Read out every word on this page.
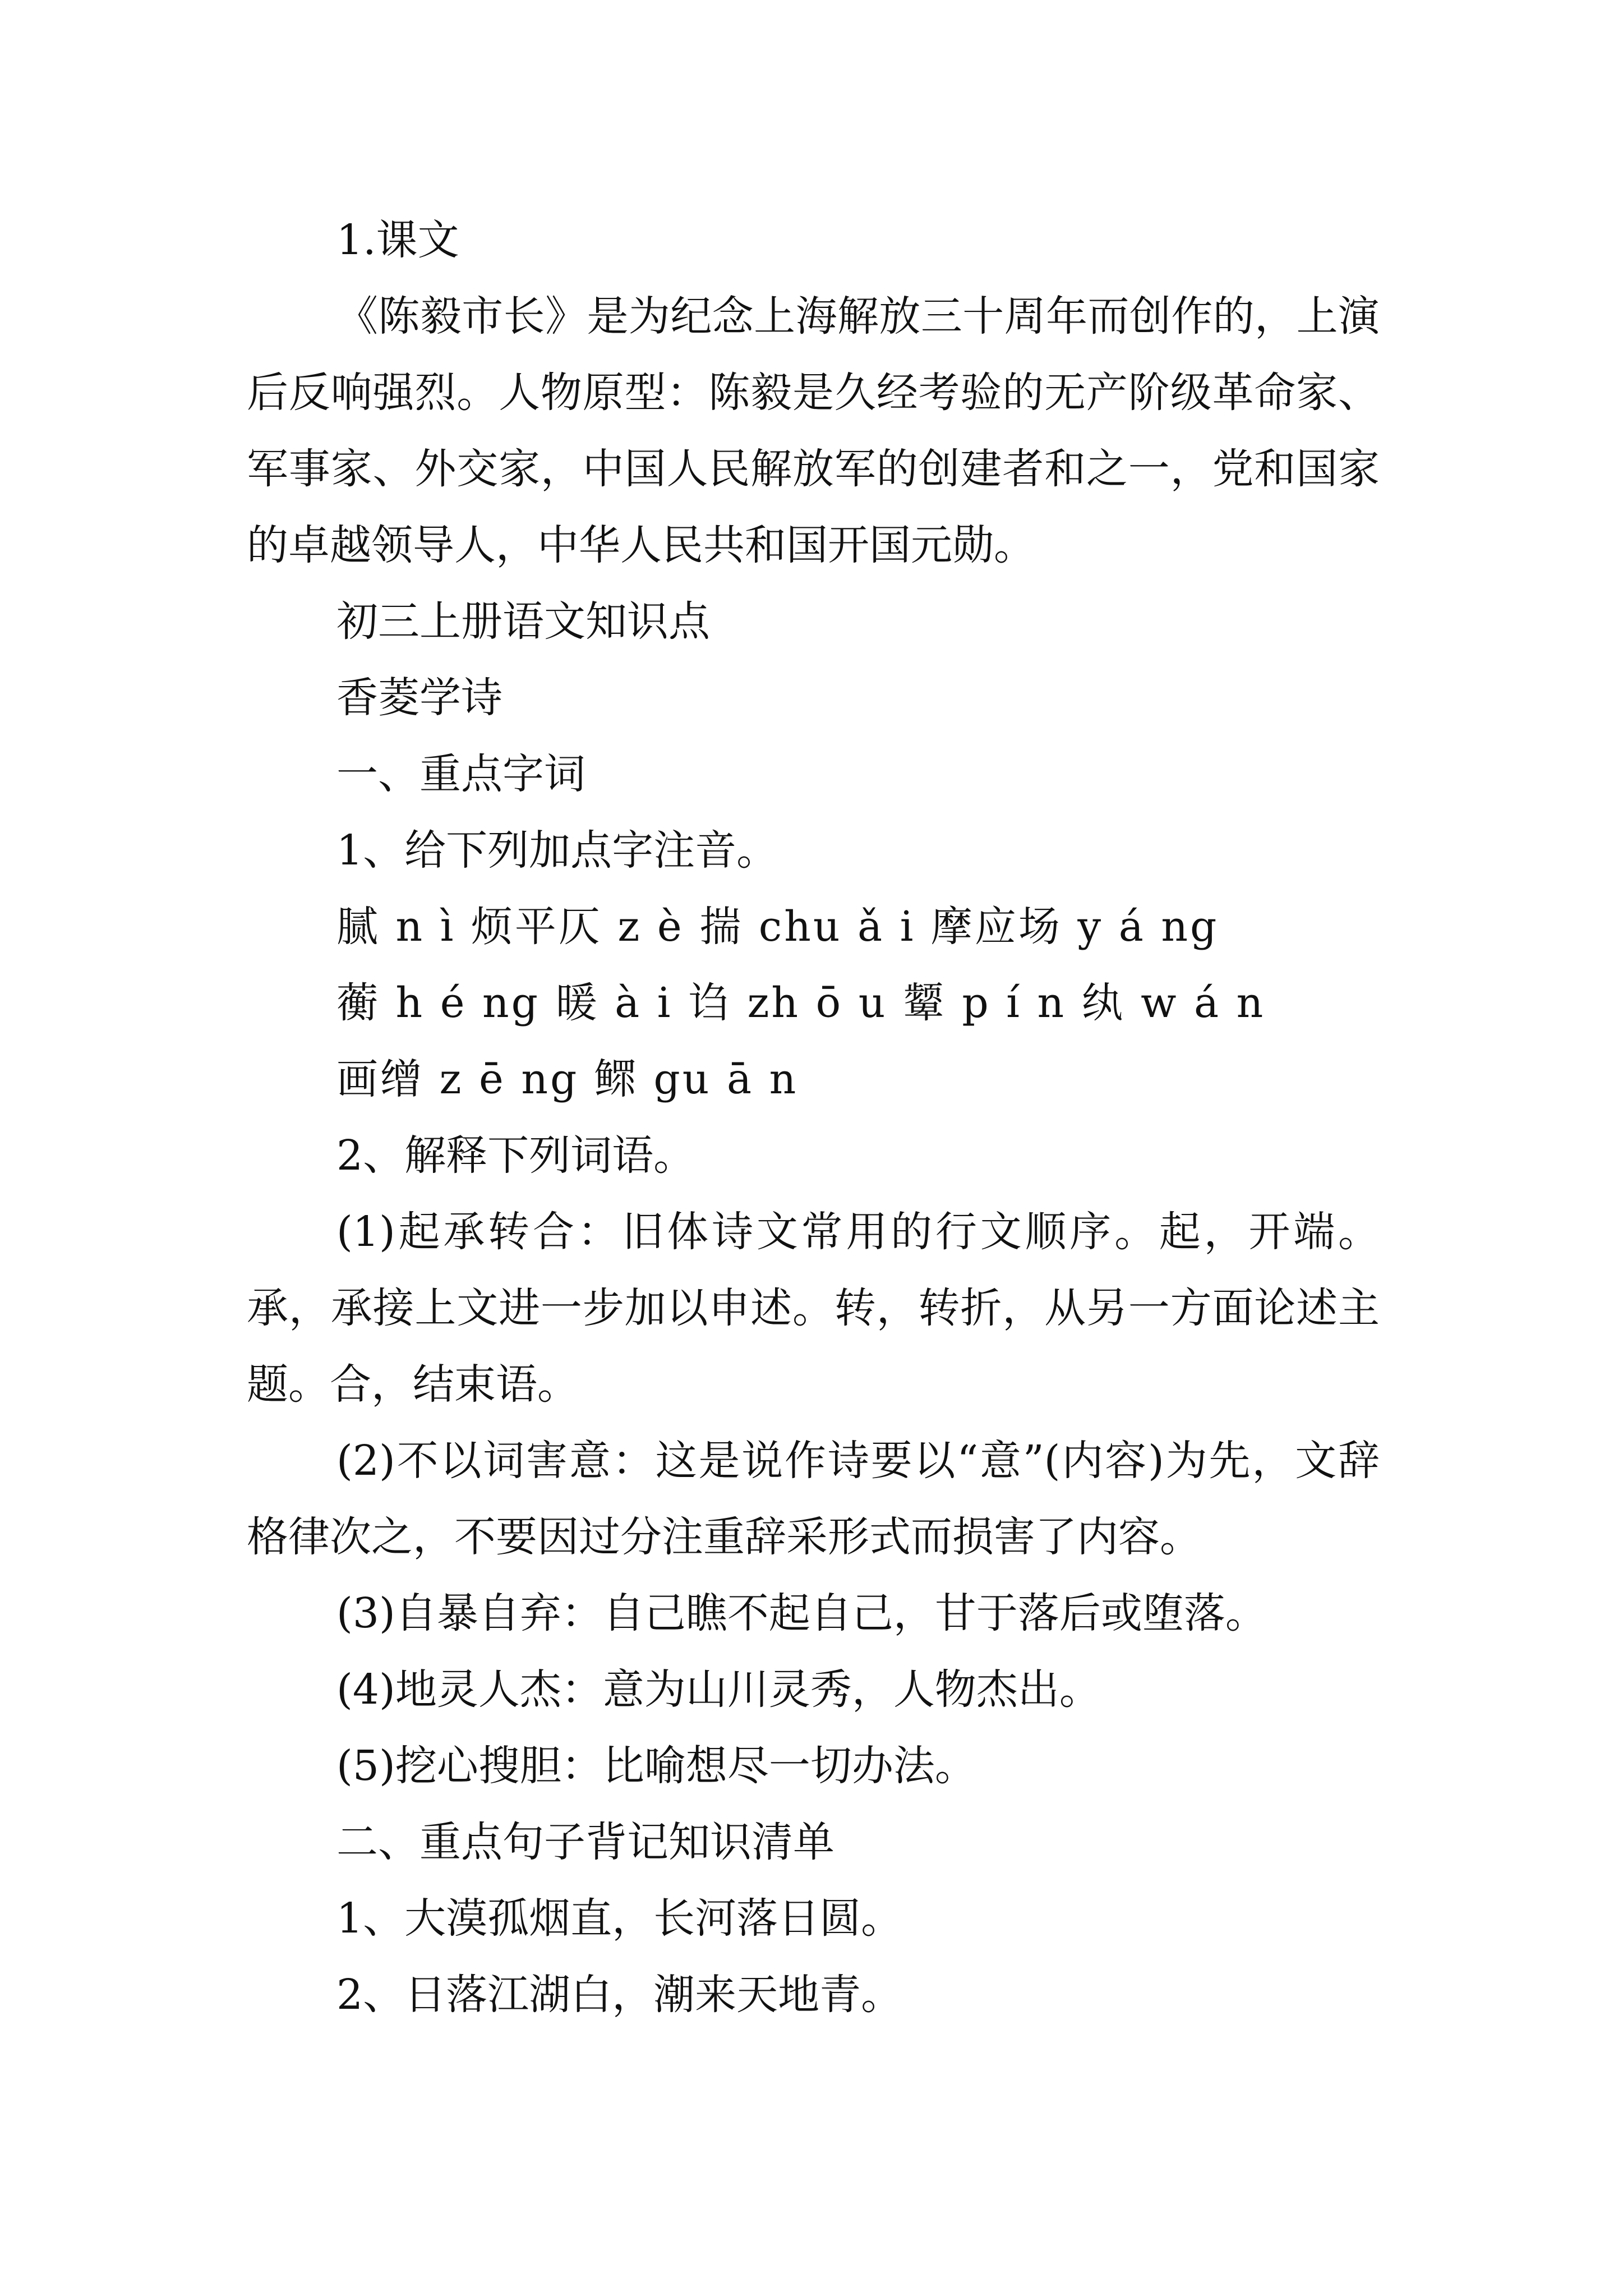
1.课文

《陈毅市长》是为纪念上海解放三十周年而创作的，上演后反响强烈。人物原型：陈毅是久经考验的无产阶级革命家、军事家、外交家，中国人民解放军的创建者和之一，党和国家的卓越领导人，中华人民共和国开国元勋。

初三上册语文知识点

香菱学诗

一、重点字词

1、给下列加点字注音。

腻 n ì 烦平仄 z è 揣 chu ǎ i 摩应场 y á ng

蘅 h é ng 暖 à i 诌 zh ō u 颦 p í n 纨 w á n

画缯 z ē ng 鳏 gu ā n

2、解释下列词语。

(1)起承转合：旧体诗文常用的行文顺序。起，开端。承，承接上文进一步加以申述。转，转折，从另一方面论述主题。合，结束语。

(2)不以词害意：这是说作诗要以“意”(内容)为先，文辞格律次之，不要因过分注重辞采形式而损害了内容。

(3)自暴自弃：自己瞧不起自己，甘于落后或堕落。

(4)地灵人杰：意为山川灵秀，人物杰出。

(5)挖心搜胆：比喻想尽一切办法。

二、重点句子背记知识清单

1、大漠孤烟直，长河落日圆。

2、日落江湖白，潮来天地青。
